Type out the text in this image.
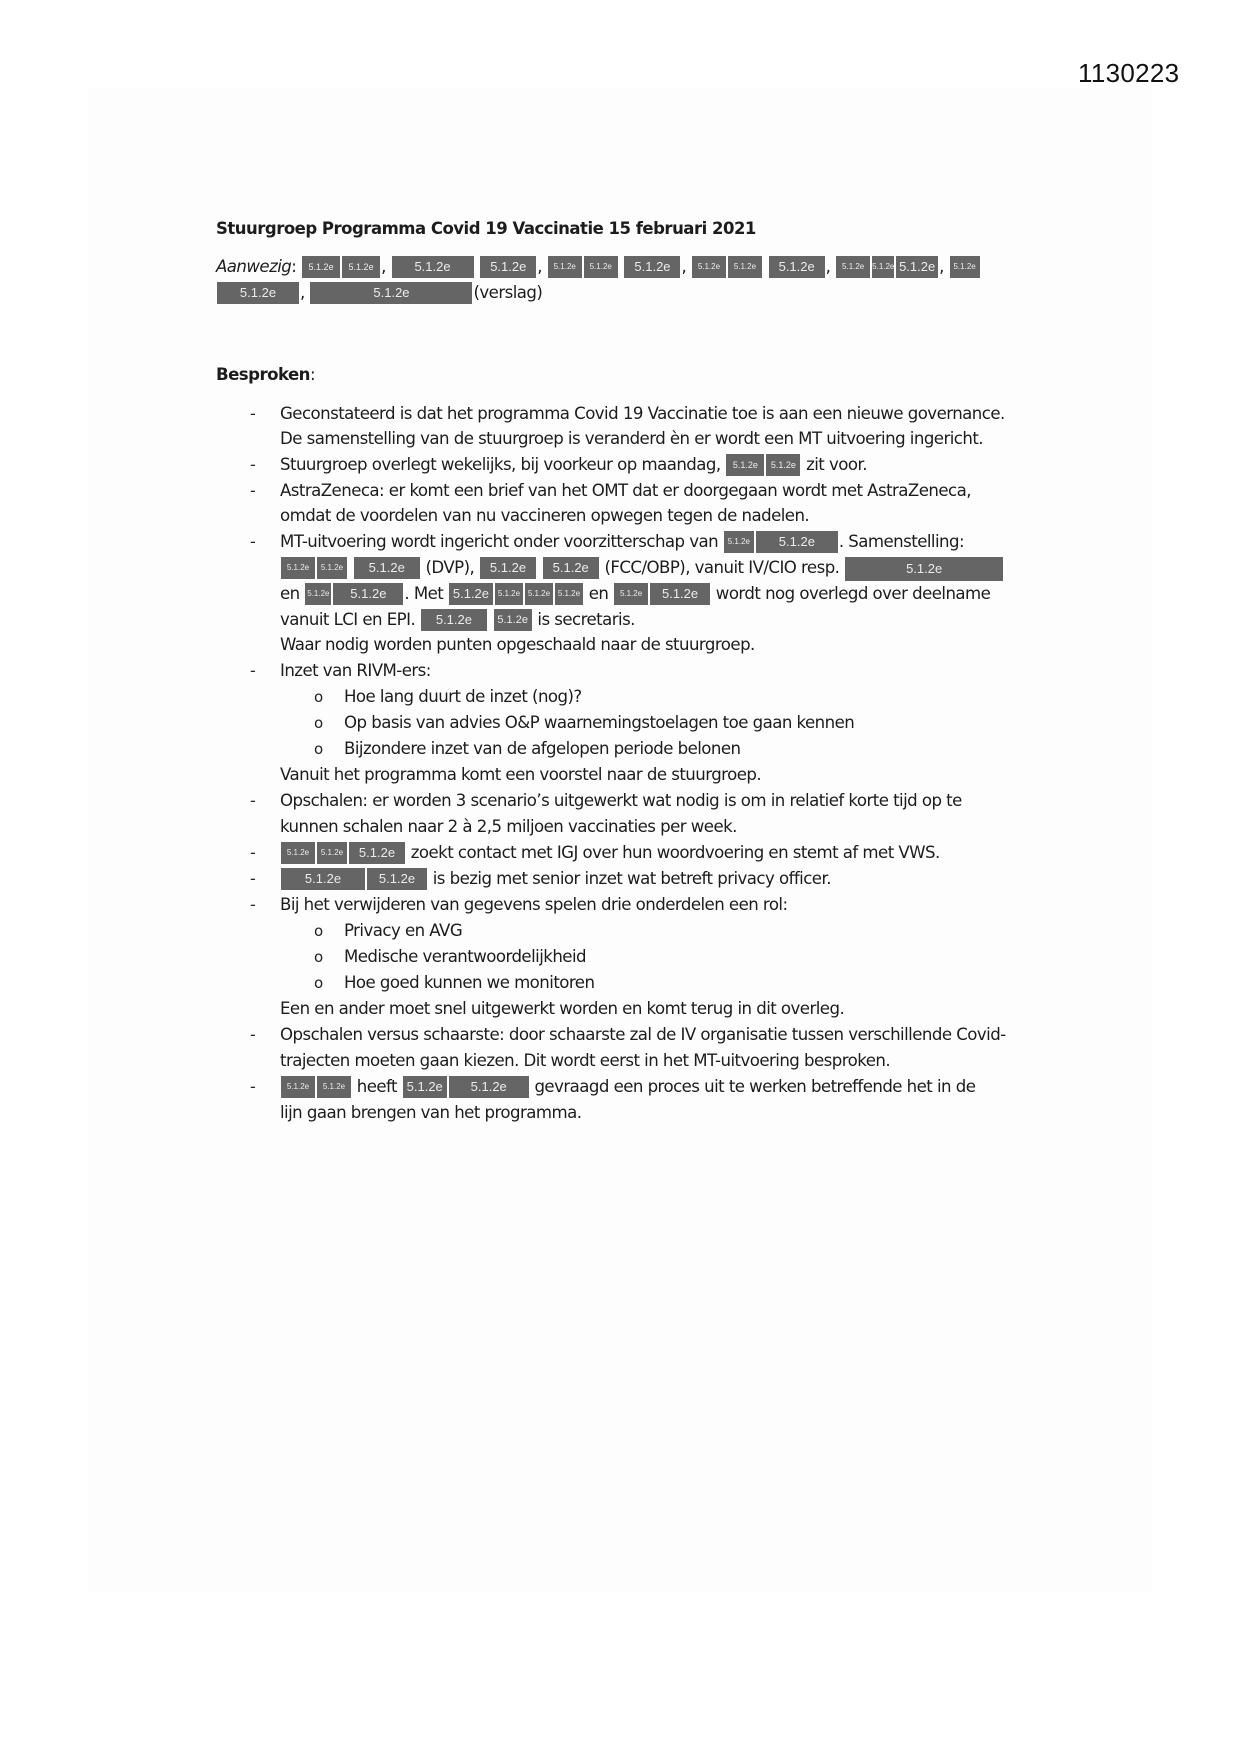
1130223
Stuurgroep Programma Covid 19 Vaccinatie 15 februari 2021
Aanwezig: 5.1.2e 5.1.2e , 5.1.2e	5.1.2e , 5.1.2e 5.1.2e 5.1.2e , 5.1.2e 5.1.2e 5.1.2e , 5.1.2e 5.1.2e 5.1.2e , 5.1.2e
5.1.2e ,	5.1.2e	(verslag)
Besproken:
- Geconstateerd is dat het programma Covid 19 Vaccinatie toe is aan een nieuwe governance.
De samenstelling van de stuurgroep is veranderd èn er wordt een MT uitvoering ingericht.
- Stuurgroep overlegt wekelijks, bij voorkeur op maandag, 5.1.2e 5.1.2e zit voor.
- AstraZeneca: er komt een brief van het OMT dat er doorgegaan wordt met AstraZeneca,
omdat de voordelen van nu vaccineren opwegen tegen de nadelen.
- MT-uitvoering wordt ingericht onder voorzitterschap van 5.1.2e 5.1.2e . Samenstelling:
5.1.2e 5.1.2e 5.1.2e (DVP), 5.1.2e 5.1.2e (FCC/OBP), vanuit IV/CIO resp.	5.1.2e
en 5.1.2e 5.1.2e . Met 5.1.2e 5.1.2e 5.1.2e 5.1.2e en 5.1.2e 5.1.2e wordt nog overlegd over deelname
vanuit LCI en EPI. 5.1.2e 5.1.2e is secretaris.
Waar nodig worden punten opgeschaald naar de stuurgroep.
- Inzet van RIVM-ers:
o Hoe lang duurt de inzet (nog)?
o Op basis van advies O&P waarnemingstoelagen toe gaan kennen
o Bijzondere inzet van de afgelopen periode belonen
Vanuit het programma komt een voorstel naar de stuurgroep.
- Opschalen: er worden 3 scenario’s uitgewerkt wat nodig is om in relatief korte tijd op te
kunnen schalen naar 2 à 2,5 miljoen vaccinaties per week.
-	5.1.2e 5.1.2e 5.1.2e zoekt contact met IGJ over hun woordvoering en stemt af met VWS.
-	5.1.2e	5.1.2e is bezig met senior inzet wat betreft privacy officer.
- Bij het verwijderen van gegevens spelen drie onderdelen een rol:
o Privacy en AVG
o Medische verantwoordelijkheid
o Hoe goed kunnen we monitoren
Een en ander moet snel uitgewerkt worden en komt terug in dit overleg.
- Opschalen versus schaarste: door schaarste zal de IV organisatie tussen verschillende Covid-
trajecten moeten gaan kiezen. Dit wordt eerst in het MT-uitvoering besproken.
-	5.1.2e 5.1.2e heeft 5.1.2e 5.1.2e gevraagd een proces uit te werken betreffende het in de
lijn gaan brengen van het programma.
